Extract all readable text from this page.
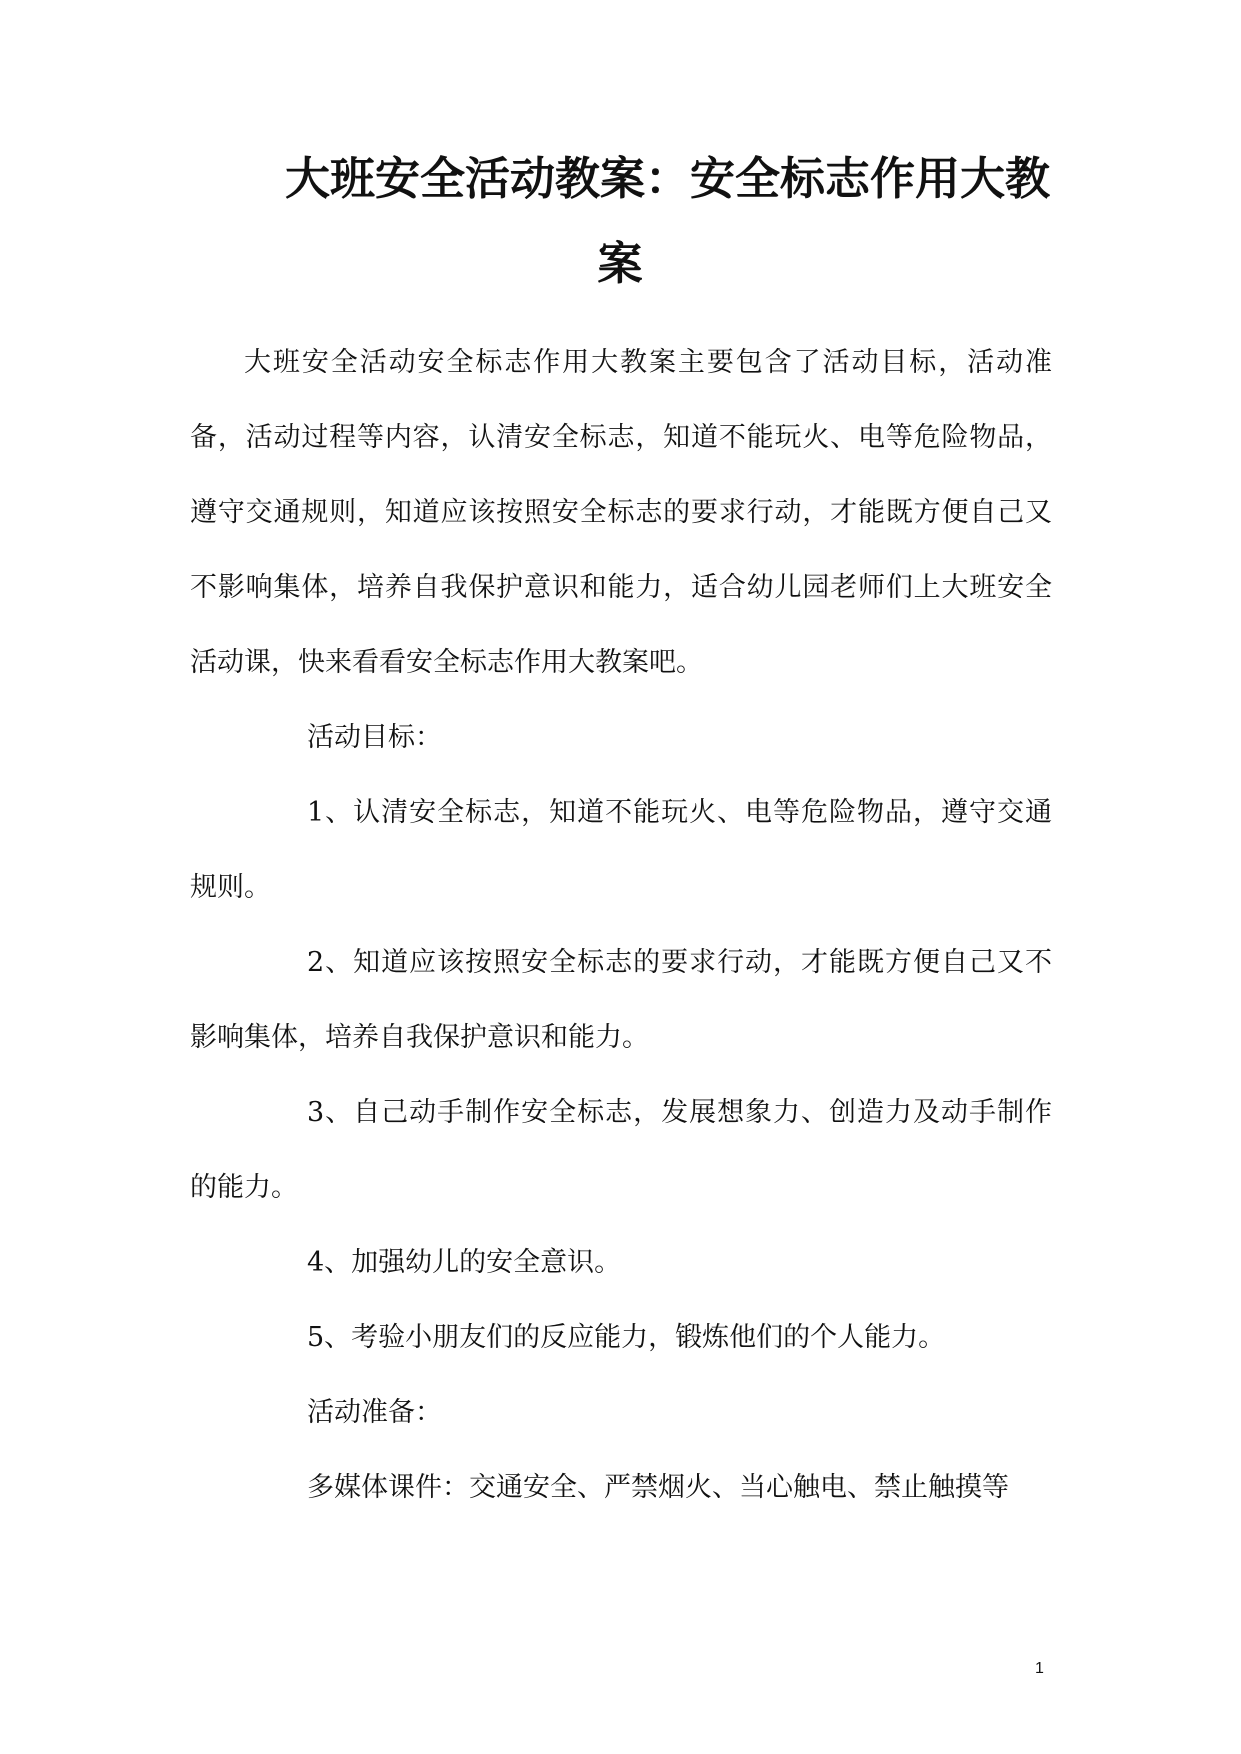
大班安全活动教案：安全标志作用大教
案

大班安全活动安全标志作用大教案主要包含了活动目标，活动准备，活动过程等内容，认清安全标志，知道不能玩火、电等危险物品，遵守交通规则，知道应该按照安全标志的要求行动，才能既方便自己又不影响集体，培养自我保护意识和能力，适合幼儿园老师们上大班安全活动课，快来看看安全标志作用大教案吧。

活动目标：

1、认清安全标志，知道不能玩火、电等危险物品，遵守交通规则。

2、知道应该按照安全标志的要求行动，才能既方便自己又不影响集体，培养自我保护意识和能力。

3、自己动手制作安全标志，发展想象力、创造力及动手制作的能力。

4、加强幼儿的安全意识。

5、考验小朋友们的反应能力，锻炼他们的个人能力。

活动准备：

多媒体课件：交通安全、严禁烟火、当心触电、禁止触摸等

1
